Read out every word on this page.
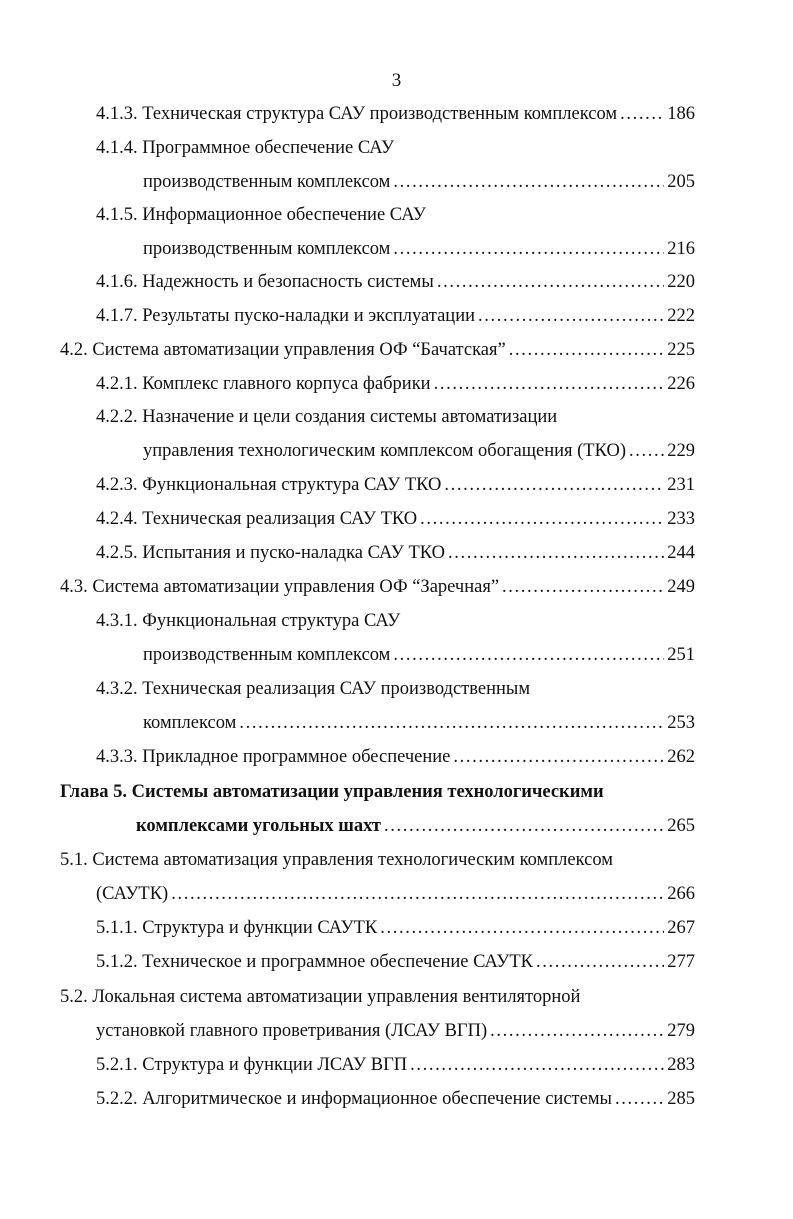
3
4.1.3. Техническая структура САУ производственным комплексом . . .	186
4.1.4. Программное обеспечение САУ
производственным комплексом . . .	205
4.1.5. Информационное обеспечение САУ
производственным комплексом . . .	216
4.1.6. Надежность и безопасность системы . . .	220
4.1.7. Результаты пуско-наладки и эксплуатации . . .	222
4.2. Система автоматизации управления ОФ “Бачатская” . . .	225
4.2.1. Комплекс главного корпуса фабрики . . .	226
4.2.2. Назначение и цели создания системы автоматизации
управления технологическим комплексом обогащения (ТКО) . . . 229
4.2.3. Функциональная структура САУ ТКО . . .	231
4.2.4. Техническая реализация САУ ТКО . . .	233
4.2.5. Испытания и пуско-наладка САУ ТКО . . .	244
4.3. Система автоматизации управления ОФ “Заречная” . . .	249
4.3.1. Функциональная структура САУ
производственным комплексом . . .	251
4.3.2. Техническая реализация САУ производственным
комплексом . . .	253
4.3.3. Прикладное программное обеспечение . . .	262
Глава 5. Системы автоматизации управления технологическими
комплексами угольных шахт . . .	265
5.1. Система автоматизация управления технологическим комплексом
(САУТК) . . .	266
5.1.1. Структура и функции САУТК . . .	267
5.1.2. Техническое и программное обеспечение САУТК . . .	277
5.2. Локальная система автоматизации управления вентиляторной
установкой главного проветривания (ЛСАУ ВГП) . . .	279
5.2.1. Структура и функции ЛСАУ ВГП . . .	283
5.2.2. Алгоритмическое и информационное обеспечение системы . . .	285
